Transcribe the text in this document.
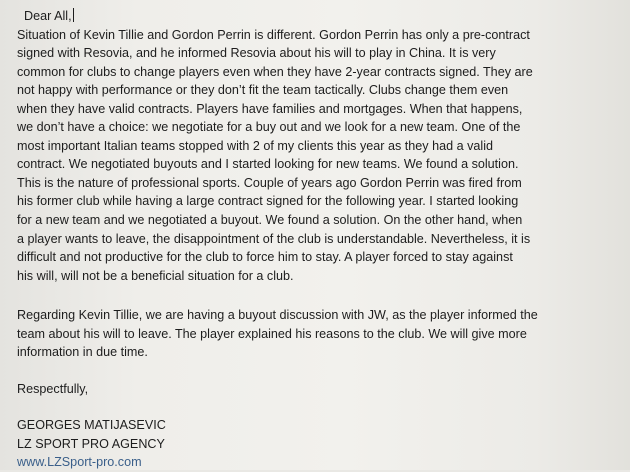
Dear All,
Situation of Kevin Tillie and Gordon Perrin is different. Gordon Perrin has only a pre-contract
signed with Resovia, and he informed Resovia about his will to play in China. It is very
common for clubs to change players even when they have 2-year contracts signed. They are
not happy with performance or they don’t fit the team tactically. Clubs change them even
when they have valid contracts. Players have families and mortgages. When that happens,
we don’t have a choice: we negotiate for a buy out and we look for a new team. One of the
most important Italian teams stopped with 2 of my clients this year as they had a valid
contract. We negotiated buyouts and I started looking for new teams. We found a solution.
This is the nature of professional sports. Couple of years ago Gordon Perrin was fired from
his former club while having a large contract signed for the following year. I started looking
for a new team and we negotiated a buyout. We found a solution. On the other hand, when
a player wants to leave, the disappointment of the club is understandable. Nevertheless, it is
difficult and not productive for the club to force him to stay. A player forced to stay against
his will, will not be a beneficial situation for a club.
Regarding Kevin Tillie, we are having a buyout discussion with JW, as the player informed the
team about his will to leave. The player explained his reasons to the club. We will give more
information in due time.
Respectfully,
GEORGES MATIJASEVIC
LZ SPORT PRO AGENCY
www.LZSport-pro.com
